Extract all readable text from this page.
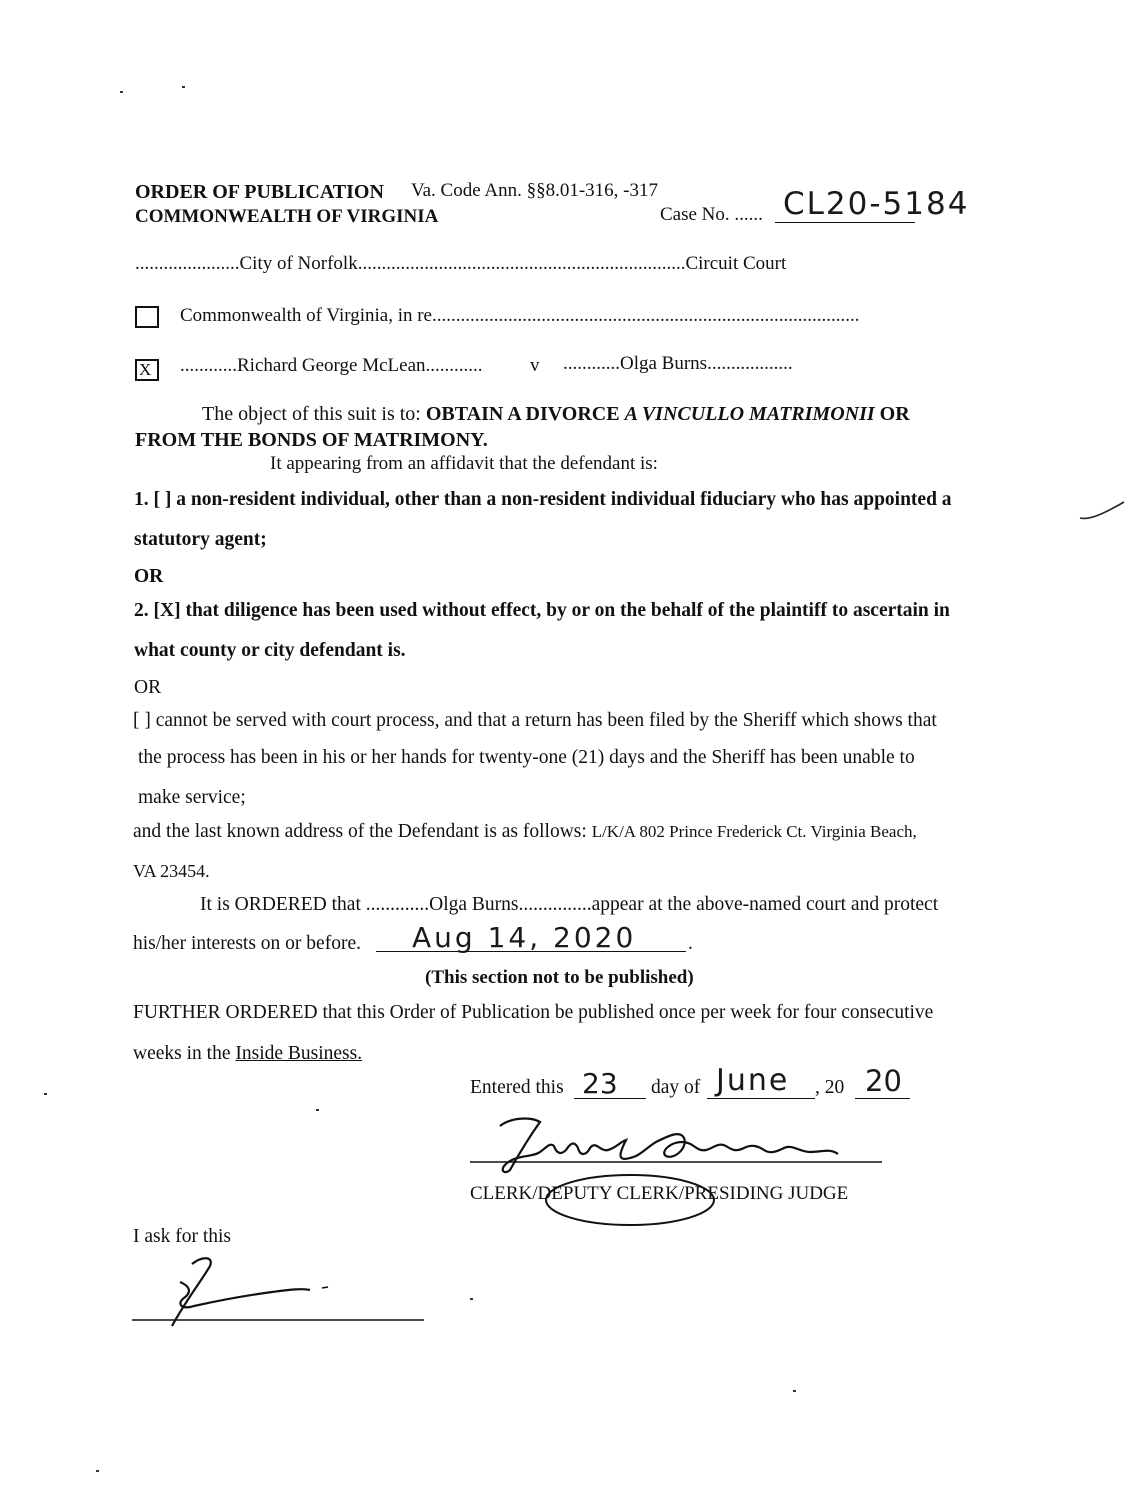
ORDER OF PUBLICATION Va. Code Ann. §§8.01-316, -317
COMMONWEALTH OF VIRGINIA	Case No. ...... CL20-5184
......................City of Norfolk.....................................................................Circuit Court
Commonwealth of Virginia, in re..........................................................................................
X ............Richard George McLean............ v ............Olga Burns..................
The object of this suit is to: OBTAIN A DIVORCE A VINCULLO MATRIMONII OR
FROM THE BONDS OF MATRIMONY.
It appearing from an affidavit that the defendant is:
1. [ ] a non-resident individual, other than a non-resident individual fiduciary who has appointed a
statutory agent;
OR
2. [X] that diligence has been used without effect, by or on the behalf of the plaintiff to ascertain in
what county or city defendant is.
OR
[ ] cannot be served with court process, and that a return has been filed by the Sheriff which shows that
the process has been in his or her hands for twenty-one (21) days and the Sheriff has been unable to
make service;
and the last known address of the Defendant is as follows: L/K/A 802 Prince Frederick Ct. Virginia Beach,
VA 23454.
It is ORDERED that .............Olga Burns...............appear at the above-named court and protect
his/her interests on or before. Aug 14, 2020	.
(This section not to be published)
FURTHER ORDERED that this Order of Publication be published once per week for four consecutive
weeks in the Inside Business.
Entered this 23 day of June , 20 20
CLERK/DEPUTY CLERK/PRESIDING JUDGE
I ask for this
